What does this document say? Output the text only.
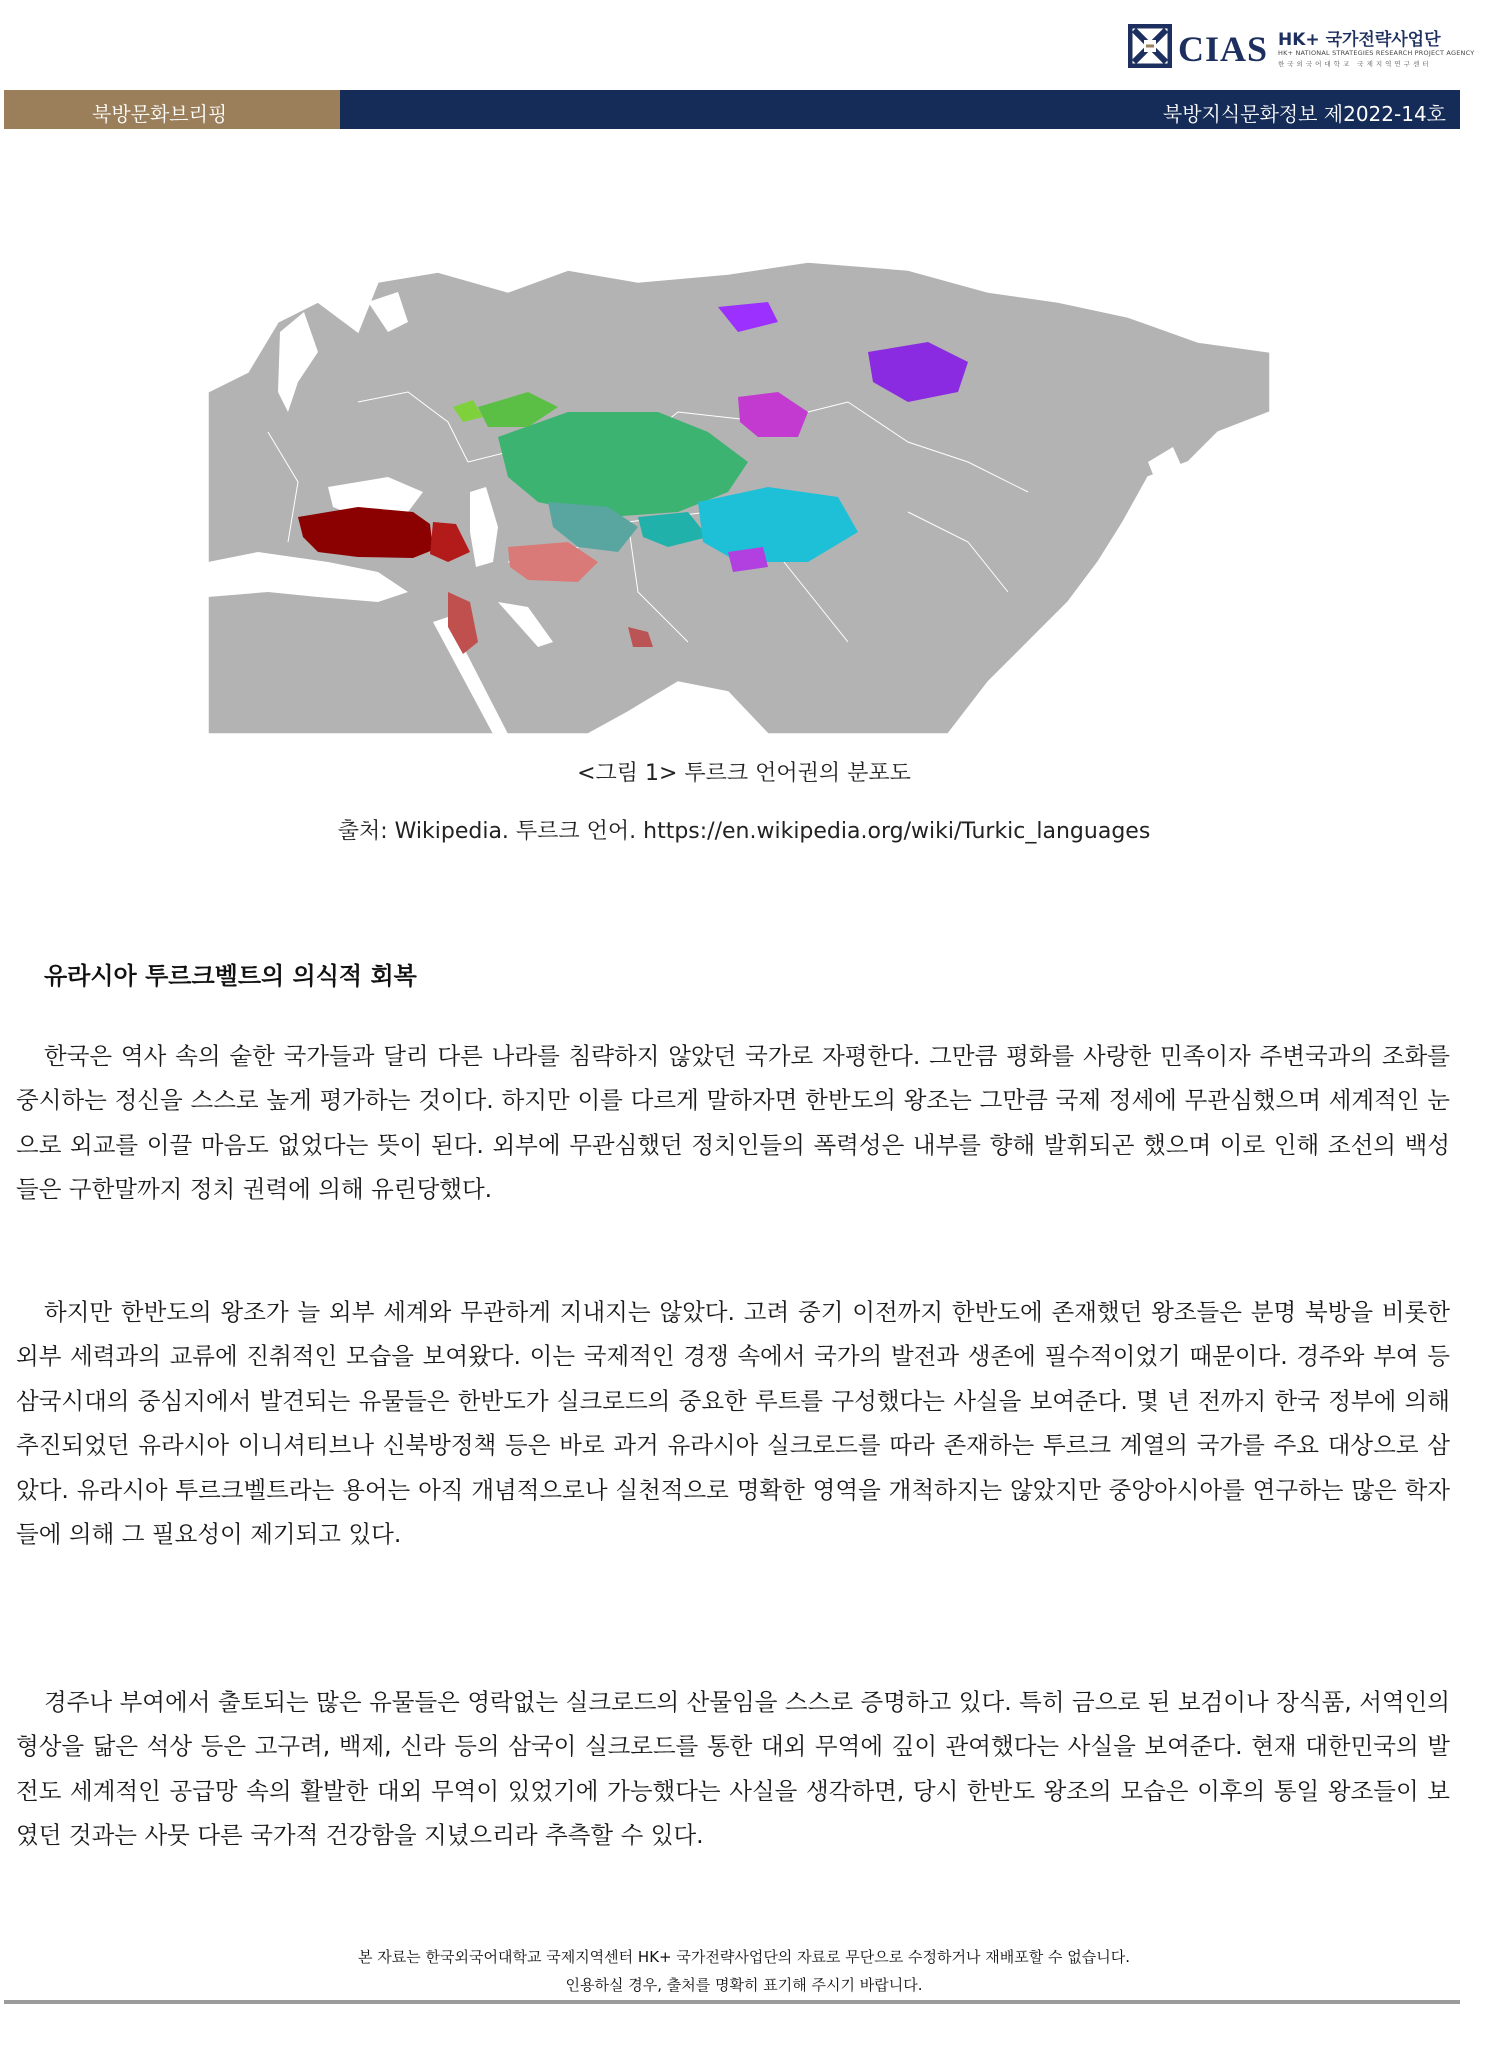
CIAS HK+ 국가전략사업단
HK+ NATIONAL STRATEGIES RESEARCH PROJECT AGENCY
한국외국어대학교 국제지역연구센터
북방문화브리핑	북방지식문화정보 제2022-14호
<그림 1> 투르크 언어권의 분포도
출처: Wikipedia. 투르크 언어. https://en.wikipedia.org/wiki/Turkic_languages
유라시아 투르크벨트의 의식적 회복

한국은 역사 속의 숱한 국가들과 달리 다른 나라를 침략하지 않았던 국가로 자평한다. 그만큼 평화를 사랑한 민족이자 주변국과의 조화를 중시하는 정신을 스스로 높게 평가하는 것이다. 하지만 이를 다르게 말하자면 한반도의 왕조는 그만큼 국제 정세에 무관심했으며 세계적인 눈으로 외교를 이끌 마음도 없었다는 뜻이 된다. 외부에 무관심했던 정치인들의 폭력성은 내부를 향해 발휘되곤 했으며 이로 인해 조선의 백성들은 구한말까지 정치 권력에 의해 유린당했다.

하지만 한반도의 왕조가 늘 외부 세계와 무관하게 지내지는 않았다. 고려 중기 이전까지 한반도에 존재했던 왕조들은 분명 북방을 비롯한 외부 세력과의 교류에 진취적인 모습을 보여왔다. 이는 국제적인 경쟁 속에서 국가의 발전과 생존에 필수적이었기 때문이다. 경주와 부여 등 삼국시대의 중심지에서 발견되는 유물들은 한반도가 실크로드의 중요한 루트를 구성했다는 사실을 보여준다. 몇 년 전까지 한국 정부에 의해 추진되었던 유라시아 이니셔티브나 신북방정책 등은 바로 과거 유라시아 실크로드를 따라 존재하는 투르크 계열의 국가를 주요 대상으로 삼았다. 유라시아 투르크벨트라는 용어는 아직 개념적으로나 실천적으로 명확한 영역을 개척하지는 않았지만 중앙아시아를 연구하는 많은 학자들에 의해 그 필요성이 제기되고 있다.

경주나 부여에서 출토되는 많은 유물들은 영락없는 실크로드의 산물임을 스스로 증명하고 있다. 특히 금으로 된 보검이나 장식품, 서역인의 형상을 닮은 석상 등은 고구려, 백제, 신라 등의 삼국이 실크로드를 통한 대외 무역에 깊이 관여했다는 사실을 보여준다. 현재 대한민국의 발전도 세계적인 공급망 속의 활발한 대외 무역이 있었기에 가능했다는 사실을 생각하면, 당시 한반도 왕조의 모습은 이후의 통일 왕조들이 보였던 것과는 사뭇 다른 국가적 건강함을 지녔으리라 추측할 수 있다.

본 자료는 한국외국어대학교 국제지역센터 HK+ 국가전략사업단의 자료로 무단으로 수정하거나 재배포할 수 없습니다.
인용하실 경우, 출처를 명확히 표기해 주시기 바랍니다.
